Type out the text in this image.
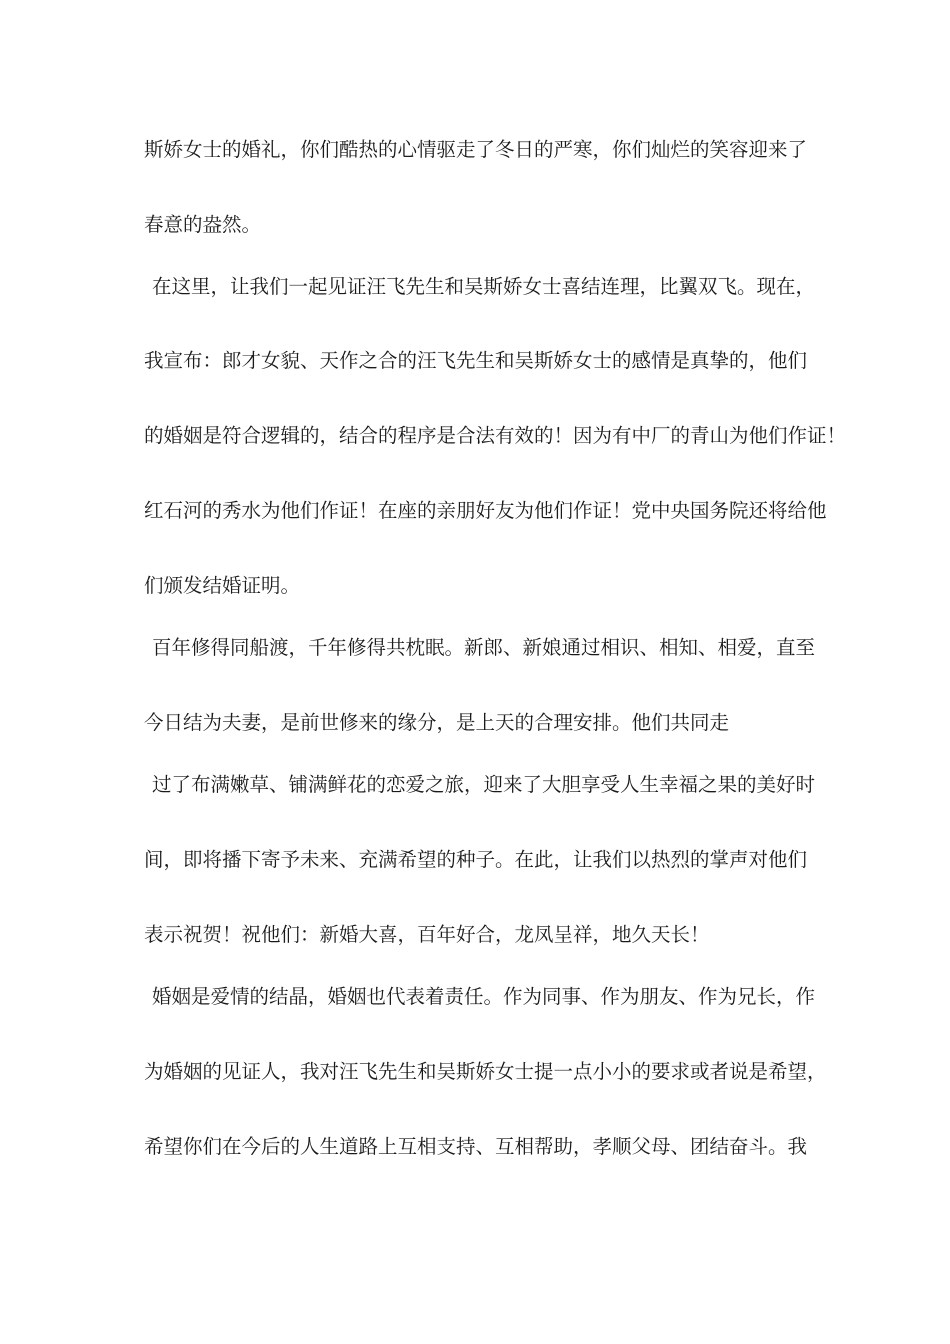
斯娇女士的婚礼，你们酷热的心情驱走了冬日的严寒，你们灿烂的笑容迎来了

春意的盎然。

在这里，让我们一起见证汪飞先生和吴斯娇女士喜结连理，比翼双飞。现在，

我宣布：郎才女貌、天作之合的汪飞先生和吴斯娇女士的感情是真挚的，他们

的婚姻是符合逻辑的，结合的程序是合法有效的！因为有中厂的青山为他们作证！

红石河的秀水为他们作证！在座的亲朋好友为他们作证！党中央国务院还将给他

们颁发结婚证明。

百年修得同船渡，千年修得共枕眠。新郎、新娘通过相识、相知、相爱，直至

今日结为夫妻，是前世修来的缘分，是上天的合理安排。他们共同走

过了布满嫩草、铺满鲜花的恋爱之旅，迎来了大胆享受人生幸福之果的美好时

间，即将播下寄予未来、充满希望的种子。在此，让我们以热烈的掌声对他们

表示祝贺！祝他们：新婚大喜，百年好合，龙凤呈祥，地久天长！

婚姻是爱情的结晶，婚姻也代表着责任。作为同事、作为朋友、作为兄长，作

为婚姻的见证人，我对汪飞先生和吴斯娇女士提一点小小的要求或者说是希望，

希望你们在今后的人生道路上互相支持、互相帮助，孝顺父母、团结奋斗。我
